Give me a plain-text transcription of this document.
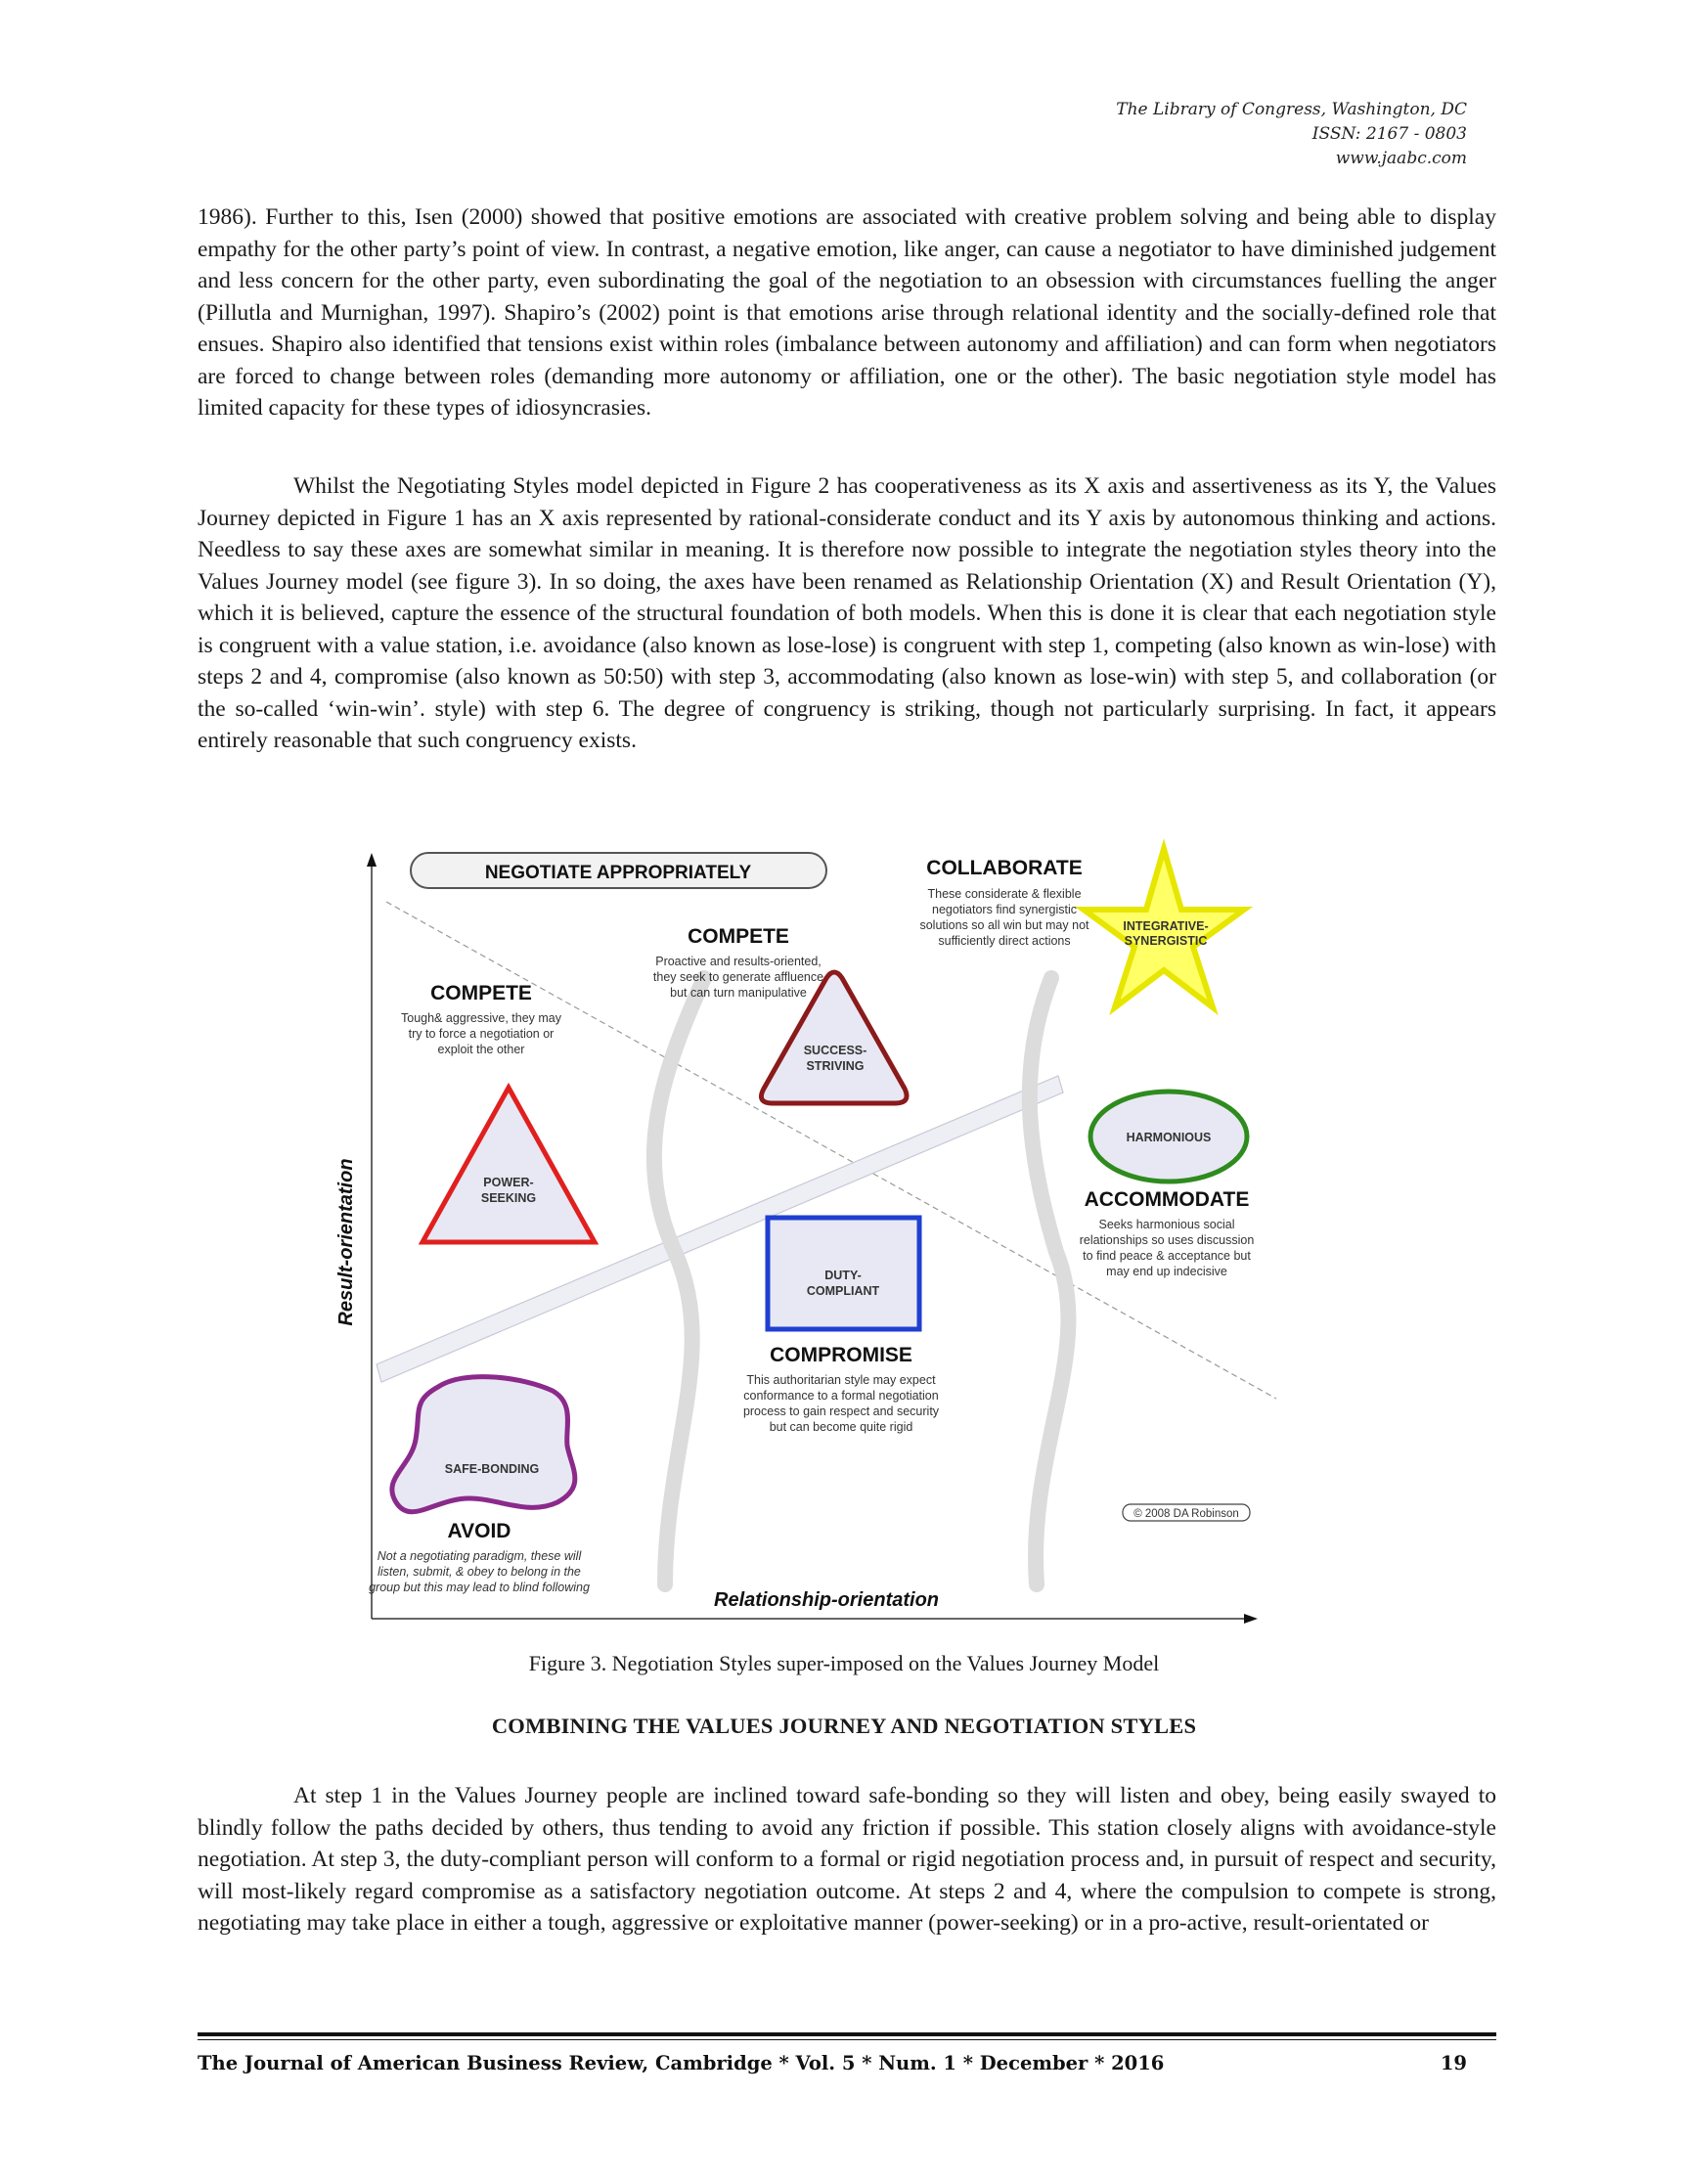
The Library of Congress, Washington, DC
ISSN: 2167 - 0803
www.jaabc.com
1986). Further to this, Isen (2000) showed that positive emotions are associated with creative problem solving and being able to display empathy for the other party’s point of view. In contrast, a negative emotion, like anger, can cause a negotiator to have diminished judgement and less concern for the other party, even subordinating the goal of the negotiation to an obsession with circumstances fuelling the anger (Pillutla and Murnighan, 1997). Shapiro’s (2002) point is that emotions arise through relational identity and the socially-defined role that ensues. Shapiro also identified that tensions exist within roles (imbalance between autonomy and affiliation) and can form when negotiators are forced to change between roles (demanding more autonomy or affiliation, one or the other). The basic negotiation style model has limited capacity for these types of idiosyncrasies.
Whilst the Negotiating Styles model depicted in Figure 2 has cooperativeness as its X axis and assertiveness as its Y, the Values Journey depicted in Figure 1 has an X axis represented by rational-considerate conduct and its Y axis by autonomous thinking and actions. Needless to say these axes are somewhat similar in meaning. It is therefore now possible to integrate the negotiation styles theory into the Values Journey model (see figure 3). In so doing, the axes have been renamed as Relationship Orientation (X) and Result Orientation (Y), which it is believed, capture the essence of the structural foundation of both models. When this is done it is clear that each negotiation style is congruent with a value station, i.e. avoidance (also known as lose-lose) is congruent with step 1, competing (also known as win-lose) with steps 2 and 4, compromise (also known as 50:50) with step 3, accommodating (also known as lose-win) with step 5, and collaboration (or the so-called ‘win-win’. style) with step 6. The degree of congruency is striking, though not particularly surprising. In fact, it appears entirely reasonable that such congruency exists.
NEGOTIATE APPROPRIATELY
INTEGRATIVE-
SYNERGISTIC
COLLABORATE
These considerate & flexible
negotiators find synergistic
solutions so all win but may not
sufficiently direct actions
COMPETE
Proactive and results-oriented,
they seek to generate affluence
but can turn manipulative
SUCCESS-
STRIVING
COMPETE
Tough& aggressive, they may
try to force a negotiation or
exploit the other
POWER-
SEEKING
HARMONIOUS
ACCOMMODATE
Seeks harmonious social
relationships so uses discussion
to find peace & acceptance but
may end up indecisive
DUTY-
COMPLIANT
COMPROMISE
This authoritarian style may expect
conformance to a formal negotiation
process to gain respect and security
but can become quite rigid
SAFE-BONDING
AVOID
Not a negotiating paradigm, these will
listen, submit, & obey to belong in the
group but this may lead to blind following
© 2008 DA Robinson
Result-orientation
Relationship-orientation
Figure 3. Negotiation Styles super-imposed on the Values Journey Model
COMBINING THE VALUES JOURNEY AND NEGOTIATION STYLES
At step 1 in the Values Journey people are inclined toward safe-bonding so they will listen and obey, being easily swayed to blindly follow the paths decided by others, thus tending to avoid any friction if possible. This station closely aligns with avoidance-style negotiation. At step 3, the duty-compliant person will conform to a formal or rigid negotiation process and, in pursuit of respect and security, will most-likely regard compromise as a satisfactory negotiation outcome. At steps 2 and 4, where the compulsion to compete is strong, negotiating may take place in either a tough, aggressive or exploitative manner (power-seeking) or in a pro-active, result-orientated or
The Journal of American Business Review, Cambridge * Vol. 5 * Num. 1 * December * 2016	19
